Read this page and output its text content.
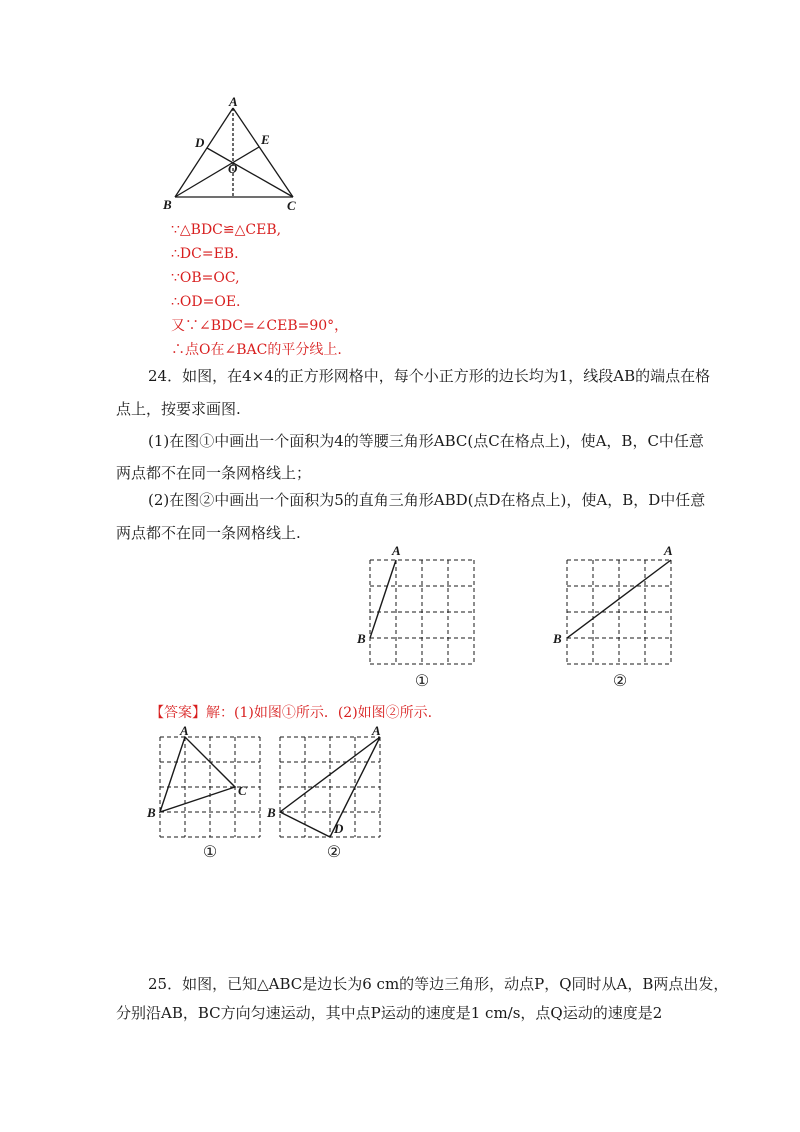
A
B	C
D	E
O
∵△BDC≌△CEB,
∴DC=EB.
∵OB=OC,
∴OD=OE.
又∵∠BDC=∠CEB=90°，
∴点O在∠BAC的平分线上.
24．如图，在4×4的正方形网格中，每个小正方形的边长均为1，线段AB的端点在格
点上，按要求画图.
(1)在图①中画出一个面积为4的等腰三角形ABC(点C在格点上)，使A，B，C中任意
两点都不在同一条网格线上；
(2)在图②中画出一个面积为5的直角三角形ABD(点D在格点上)，使A，B，D中任意
两点都不在同一条网格线上.
A
B
①
A
B
②
【答案】解：(1)如图①所示．(2)如图②所示.
A
B
C
①
A
B
D
②
25．如图，已知△ABC是边长为6 cm的等边三角形，动点P，Q同时从A，B两点出发，
分别沿AB，BC方向匀速运动，其中点P运动的速度是1 cm/s，点Q运动的速度是2
